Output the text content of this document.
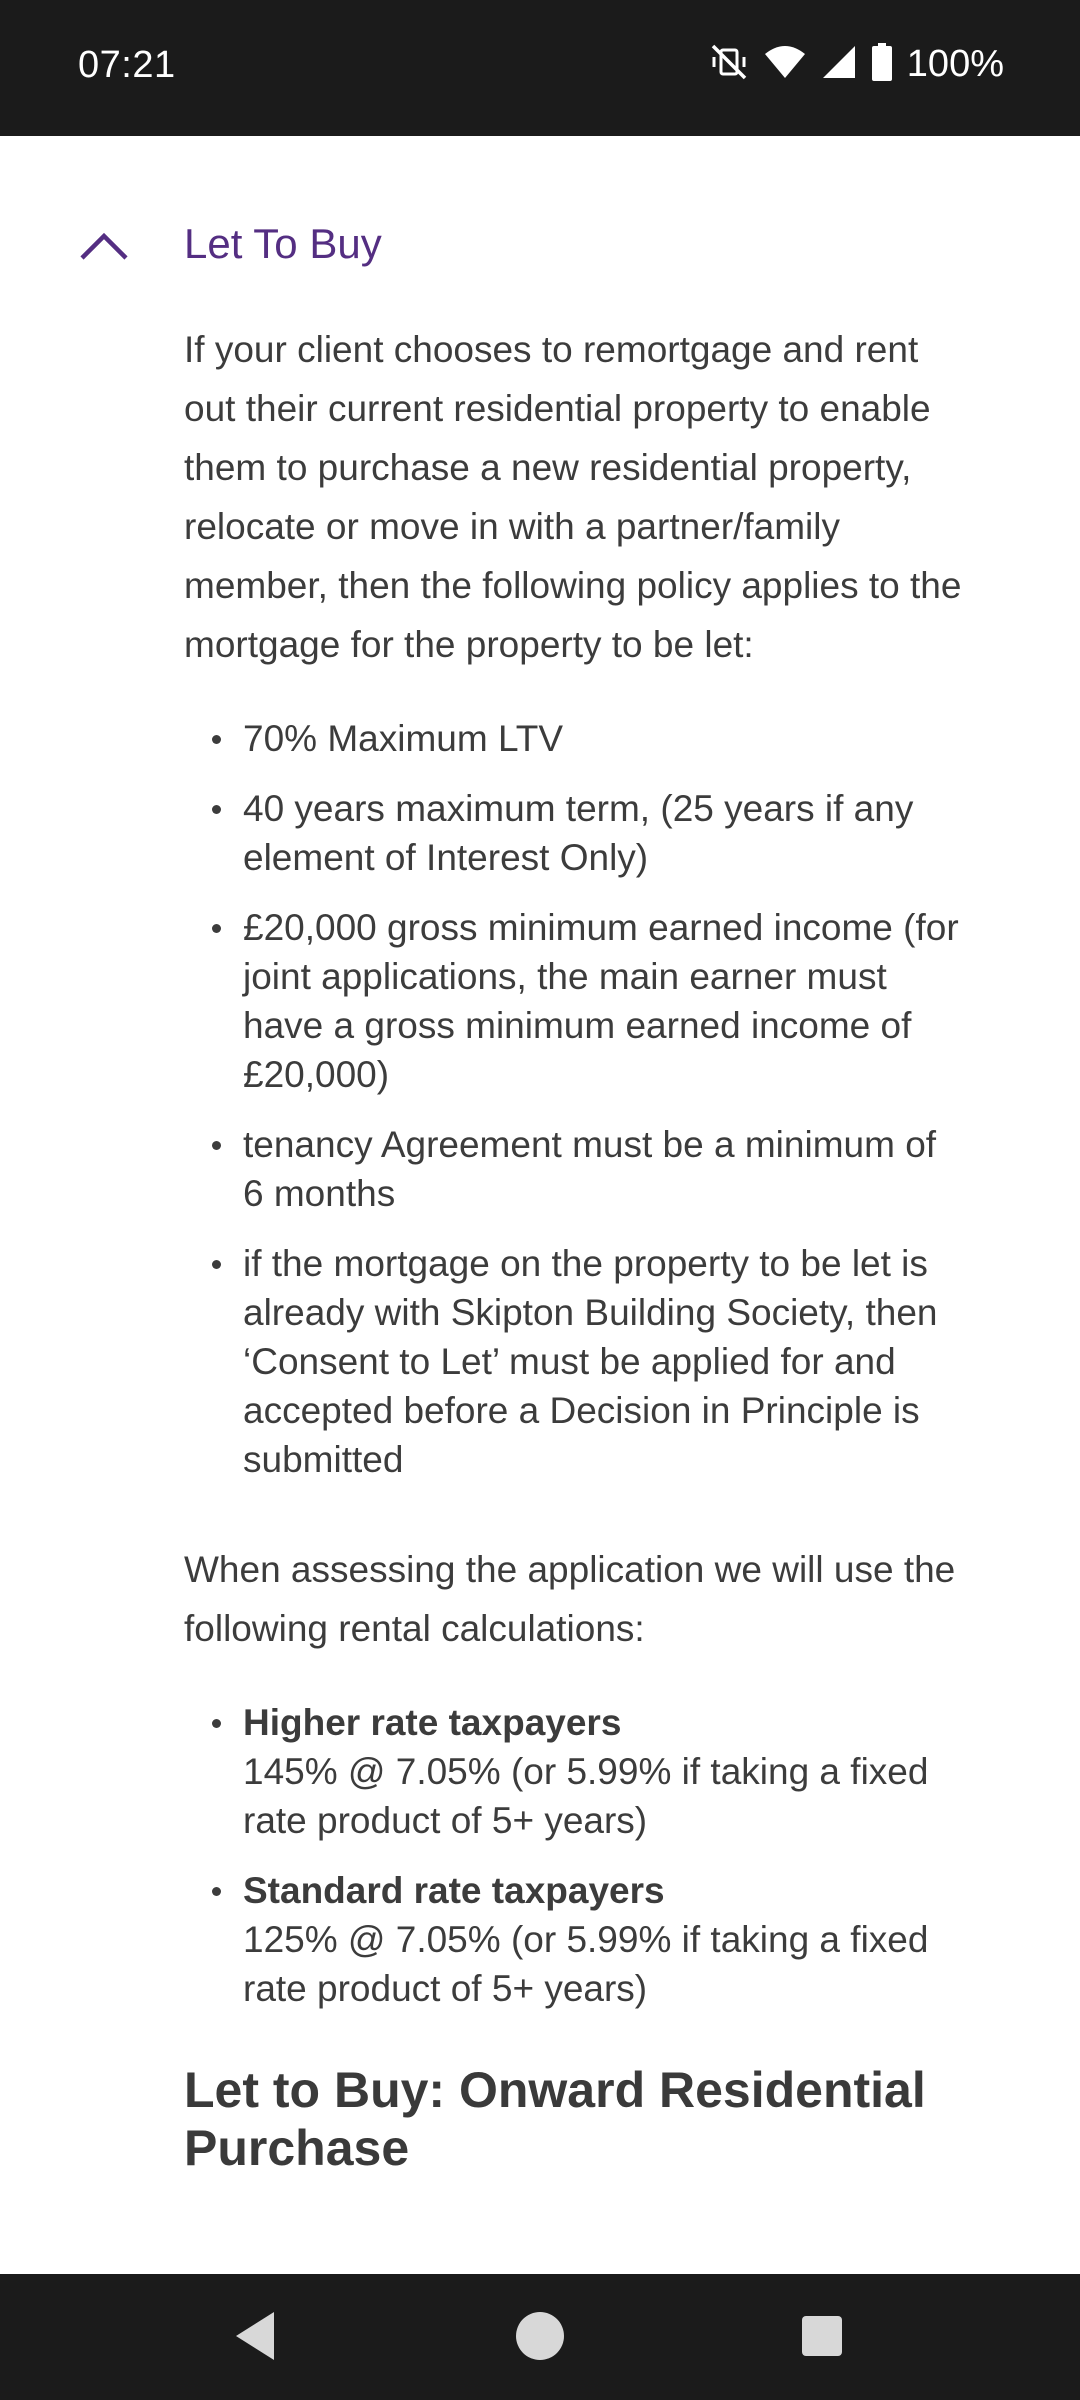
07:21	100%
Let To Buy

If your client chooses to remortgage and rent out their current residential property to enable them to purchase a new residential property, relocate or move in with a partner/family member, then the following policy applies to the mortgage for the property to be let:

70% Maximum LTV
40 years maximum term, (25 years if any element of Interest Only)
£20,000 gross minimum earned income (for joint applications, the main earner must have a gross minimum earned income of £20,000)
tenancy Agreement must be a minimum of 6 months
if the mortgage on the property to be let is already with Skipton Building Society, then ‘Consent to Let’ must be applied for and accepted before a Decision in Principle is submitted

When assessing the application we will use the following rental calculations:

Higher rate taxpayers
145% @ 7.05% (or 5.99% if taking a fixed rate product of 5+ years)
Standard rate taxpayers
125% @ 7.05% (or 5.99% if taking a fixed rate product of 5+ years)
Let to Buy: Onward Residential Purchase
